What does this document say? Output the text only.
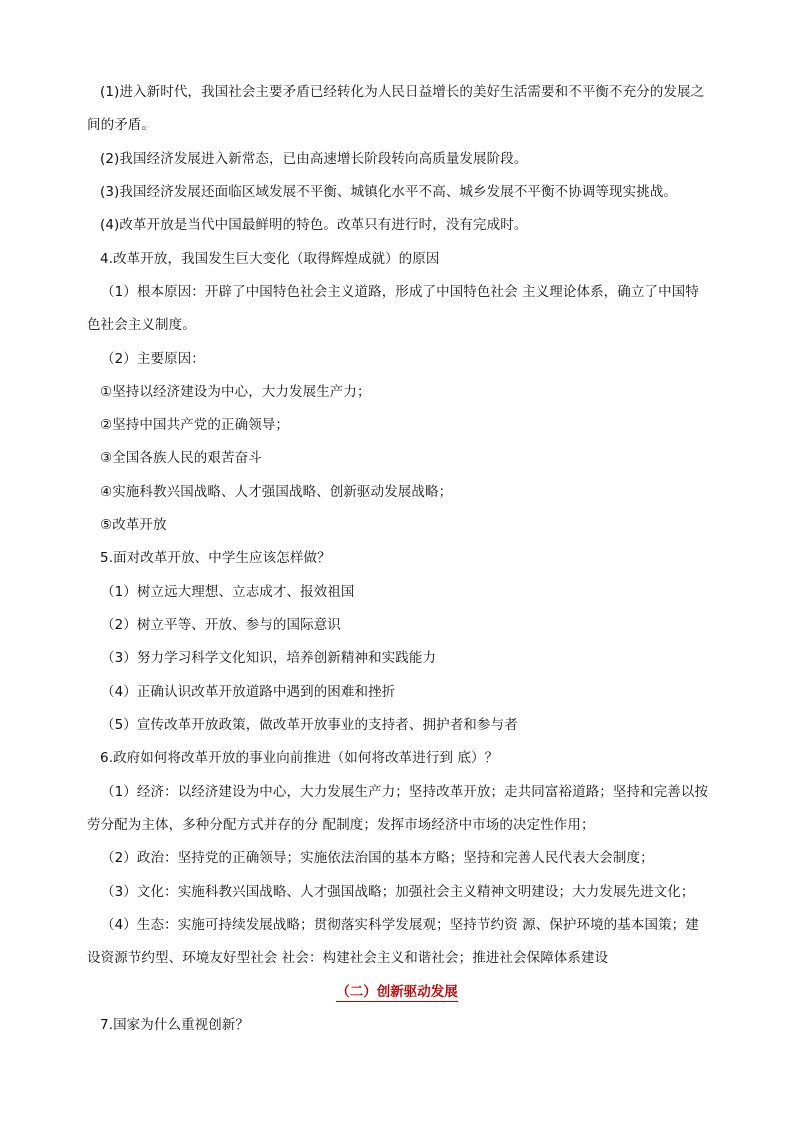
(1)进入新时代，我国社会主要矛盾已经转化为人民日益增长的美好生活需要和不平衡不充分的发展之
间的矛盾。
(2)我国经济发展进入新常态，已由高速增长阶段转向高质量发展阶段。
(3)我国经济发展还面临区域发展不平衡、城镇化水平不高、城乡发展不平衡不协调等现实挑战。
(4)改革开放是当代中国最鲜明的特色。改革只有进行时，没有完成时。
4.改革开放，我国发生巨大变化（取得辉煌成就）的原因
（1）根本原因：开辟了中国特色社会主义道路，形成了中国特色社会 主义理论体系，确立了中国特
色社会主义制度。
（2）主要原因：
①坚持以经济建设为中心，大力发展生产力；
②坚持中国共产党的正确领导；
③全国各族人民的艰苦奋斗
④实施科教兴国战略、人才强国战略、创新驱动发展战略；
⑤改革开放
5.面对改革开放、中学生应该怎样做？
（1）树立远大理想、立志成才、报效祖国
（2）树立平等、开放、参与的国际意识
（3）努力学习科学文化知识，培养创新精神和实践能力
（4）正确认识改革开放道路中遇到的困难和挫折
（5）宣传改革开放政策，做改革开放事业的支持者、拥护者和参与者
6.政府如何将改革开放的事业向前推进（如何将改革进行到 底）？
（1）经济：以经济建设为中心，大力发展生产力；坚持改革开放；走共同富裕道路；坚持和完善以按
劳分配为主体，多种分配方式并存的分 配制度；发挥市场经济中市场的决定性作用；
（2）政治：坚持党的正确领导；实施依法治国的基本方略；坚持和完善人民代表大会制度；
（3）文化：实施科教兴国战略、人才强国战略；加强社会主义精神文明建设；大力发展先进文化；
（4）生态：实施可持续发展战略；贯彻落实科学发展观；坚持节约资 源、保护环境的基本国策；建
设资源节约型、环境友好型社会 社会：构建社会主义和谐社会；推进社会保障体系建设
（二）创新驱动发展
7.国家为什么重视创新？
